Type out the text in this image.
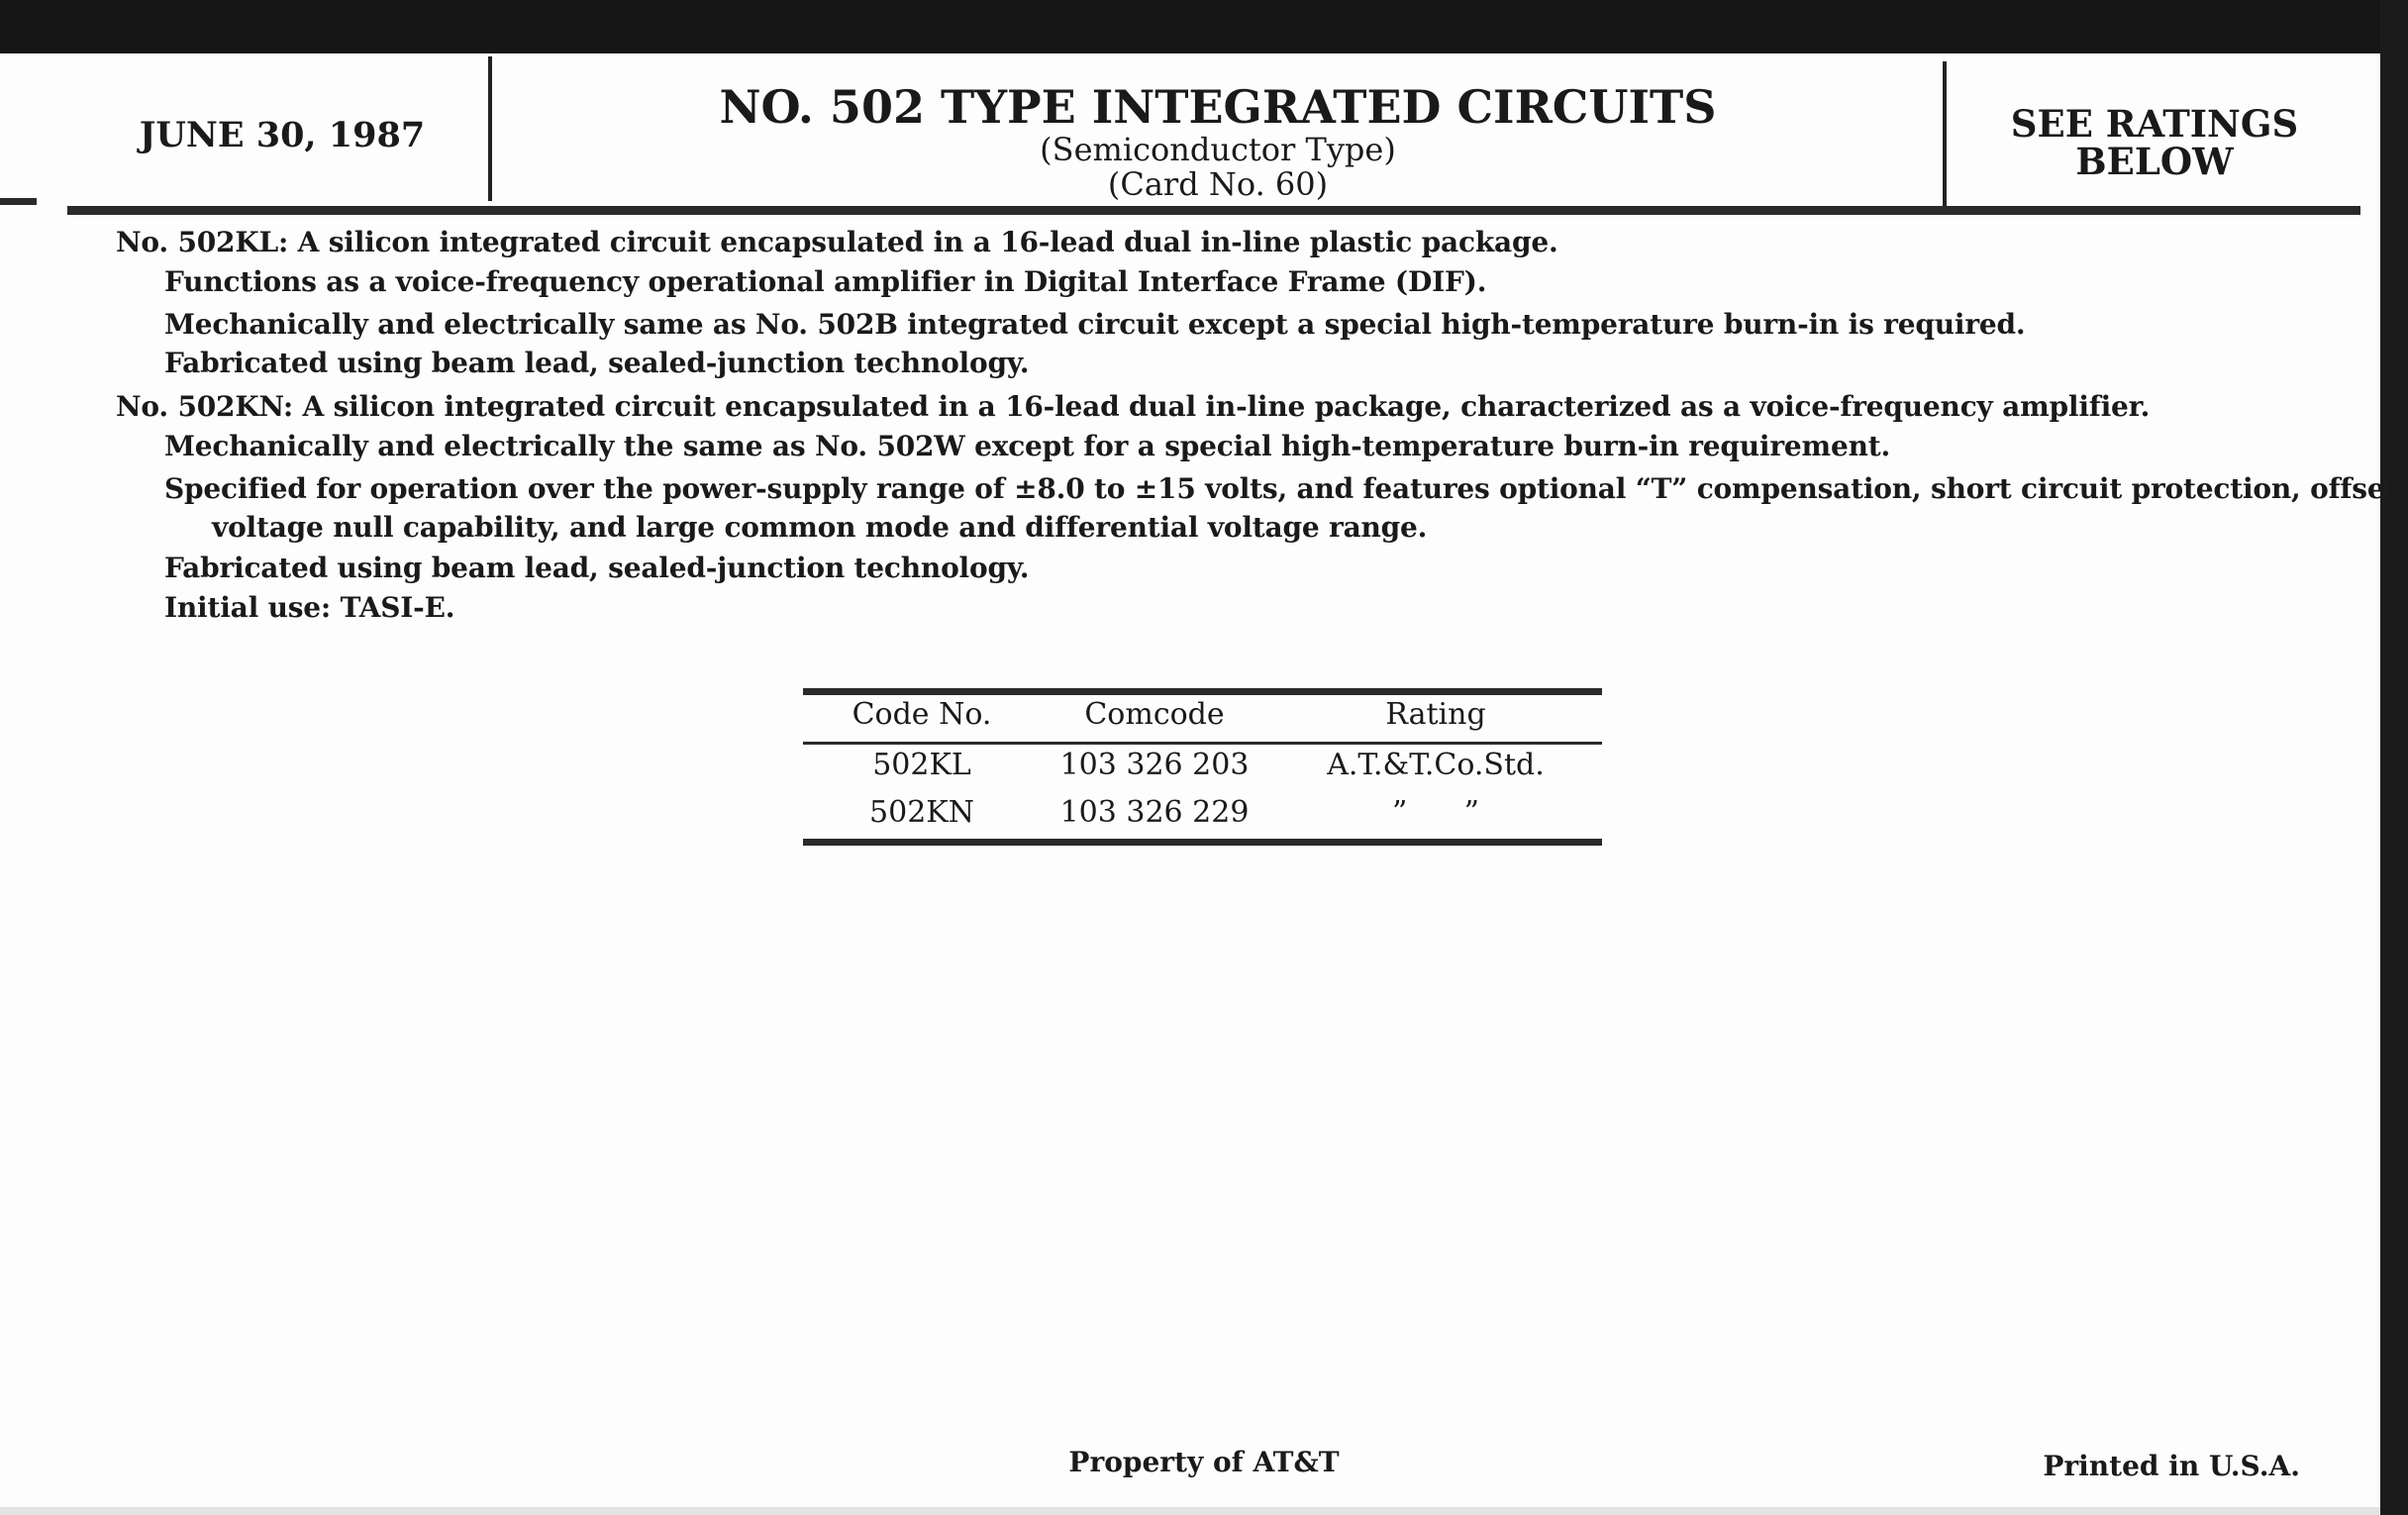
JUNE 30, 1987
NO. 502 TYPE INTEGRATED CIRCUITS
(Semiconductor Type)
(Card No. 60)
SEE RATINGS
BELOW
No. 502KL: A silicon integrated circuit encapsulated in a 16-lead dual in-line plastic package.
Functions as a voice-frequency operational amplifier in Digital Interface Frame (DIF).
Mechanically and electrically same as No. 502B integrated circuit except a special high-temperature burn-in is required.
Fabricated using beam lead, sealed-junction technology.
No. 502KN: A silicon integrated circuit encapsulated in a 16-lead dual in-line package, characterized as a voice-frequency amplifier.
Mechanically and electrically the same as No. 502W except for a special high-temperature burn-in requirement.
Specified for operation over the power-supply range of ±8.0 to ±15 volts, and features optional “T” compensation, short circuit protection, offset
voltage null capability, and large common mode and differential voltage range.
Fabricated using beam lead, sealed-junction technology.
Initial use: TASI-E.
Code No.	Comcode	Rating
502KL	103 326 203	A.T.&T.Co.Std.
502KN	103 326 229	”      ”
Property of AT&T	Printed in U.S.A.
